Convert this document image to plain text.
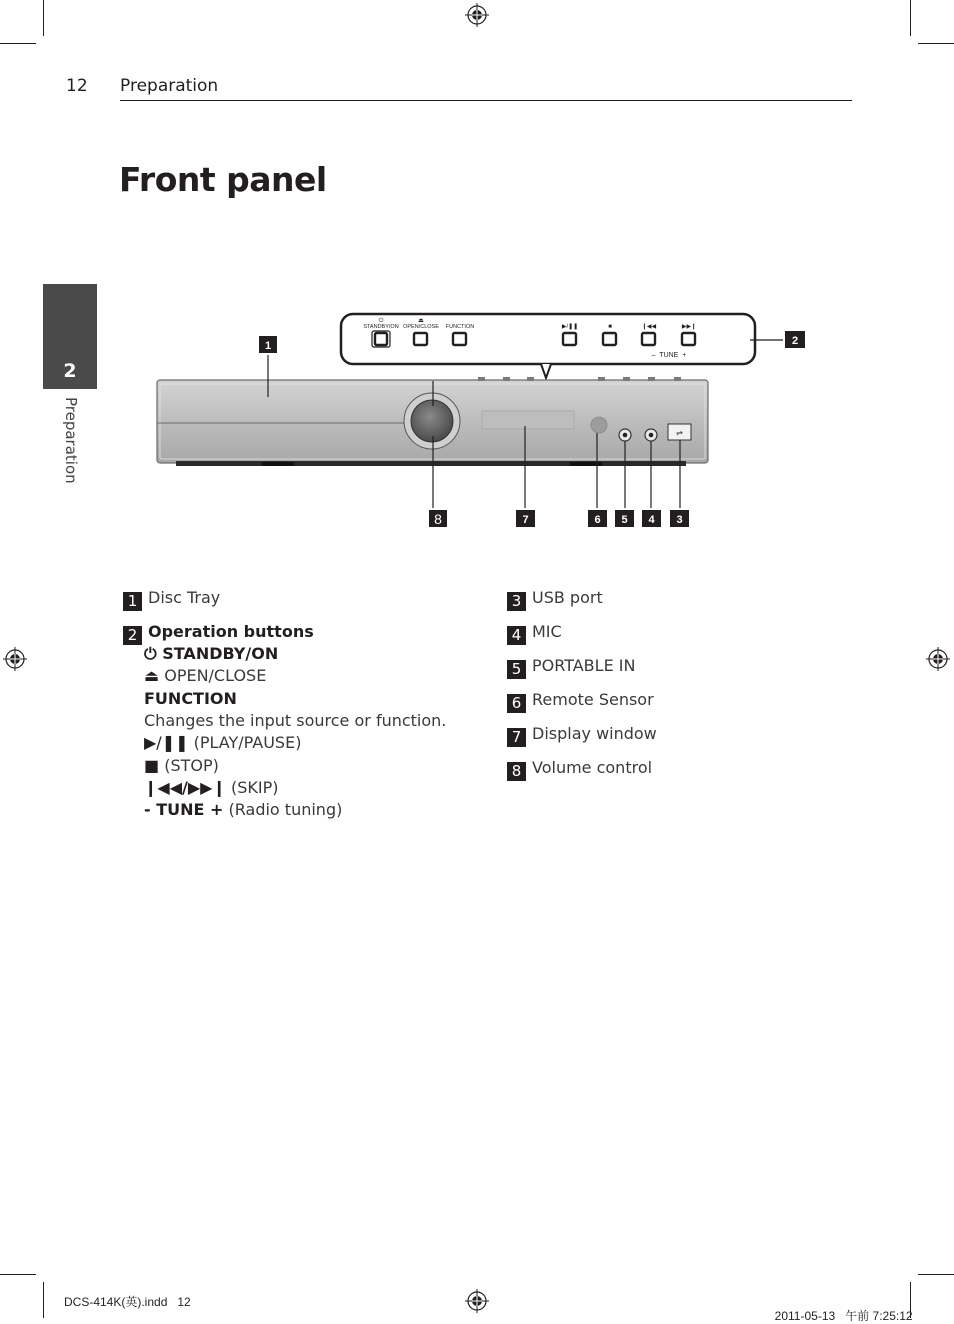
12 Preparation
Front panel
2
Preparation
⏻
STANDBY/ON
⏏
OPEN/CLOSE FUNCTION	▶/❚❚	■	❙◀◀	▶▶❙
–  TUNE  +
⇌
1	2
8	7	6 5 4 3
1 Disc Tray
2 Operation buttons
⏻ STANDBY/ON
⏏ OPEN/CLOSE
FUNCTION
Changes the input source or function.
▶/❚❚ (PLAY/PAUSE)
■ (STOP)
❙◀◀/▶▶❙ (SKIP)
- TUNE + (Radio tuning)
3 USB port
4 MIC
5 PORTABLE IN
6 Remote Sensor
7 Display window
8 Volume control
DCS-414K(英).indd   12

2011-05-13 午前 7:25:12
